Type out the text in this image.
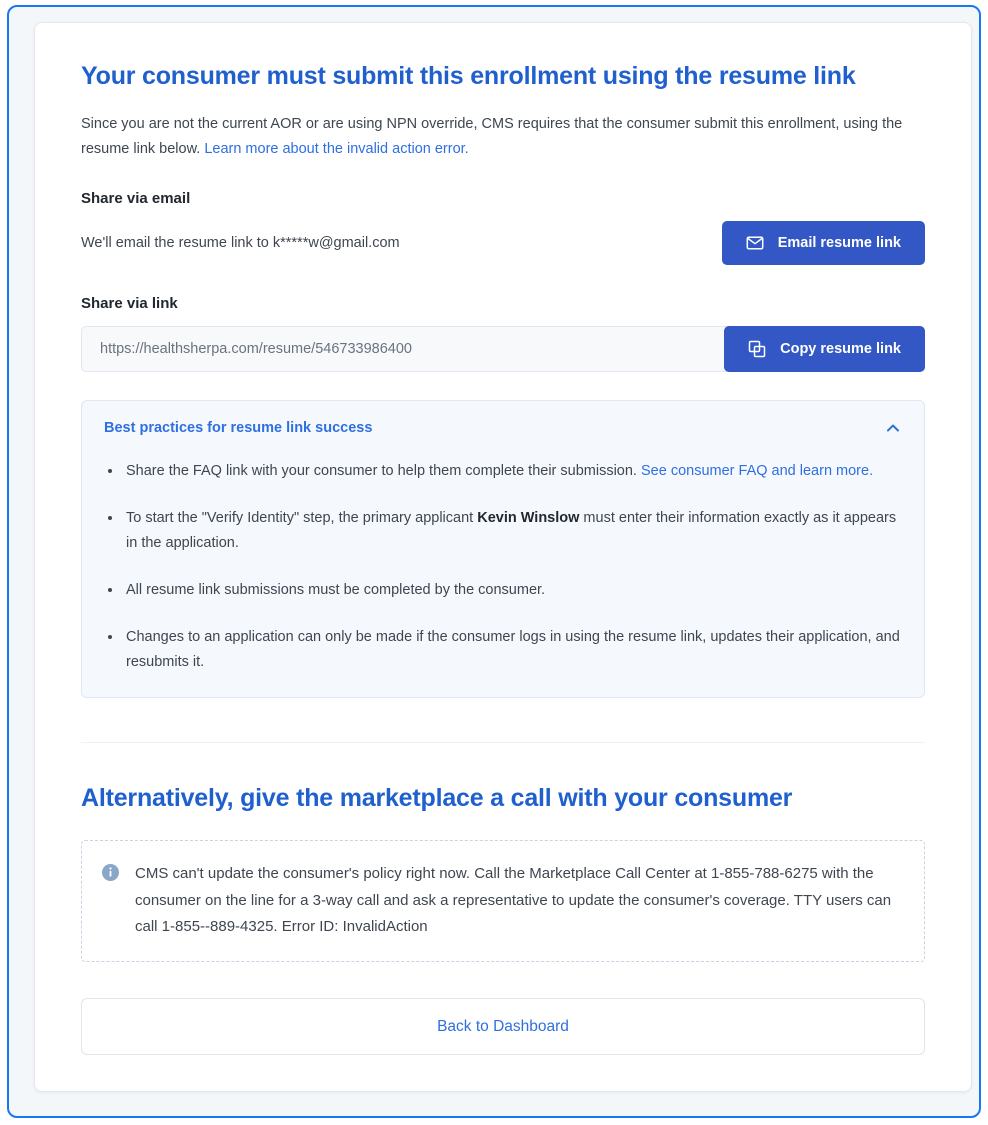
Your consumer must submit this enrollment using the resume link

Since you are not the current AOR or are using NPN override, CMS requires that the consumer submit this enrollment, using the resume link below. Learn more about the invalid action error.

Share via email
We'll email the resume link to k*****w@gmail.com	Email resume link
Share via link
https://healthsherpa.com/resume/546733986400
Copy resume link
Best practices for resume link success
Share the FAQ link with your consumer to help them complete their submission. See consumer FAQ and learn more.
To start the "Verify Identity" step, the primary applicant Kevin Winslow must enter their information exactly as it appears in the application.
All resume link submissions must be completed by the consumer.
Changes to an application can only be made if the consumer logs in using the resume link, updates their application, and resubmits it.
Alternatively, give the marketplace a call with your consumer
CMS can't update the consumer's policy right now. Call the Marketplace Call Center at 1-855-788-6275 with the consumer on the line for a 3-way call and ask a representative to update the consumer's coverage. TTY users can call 1-855--889-4325. Error ID: InvalidAction
Back to Dashboard
